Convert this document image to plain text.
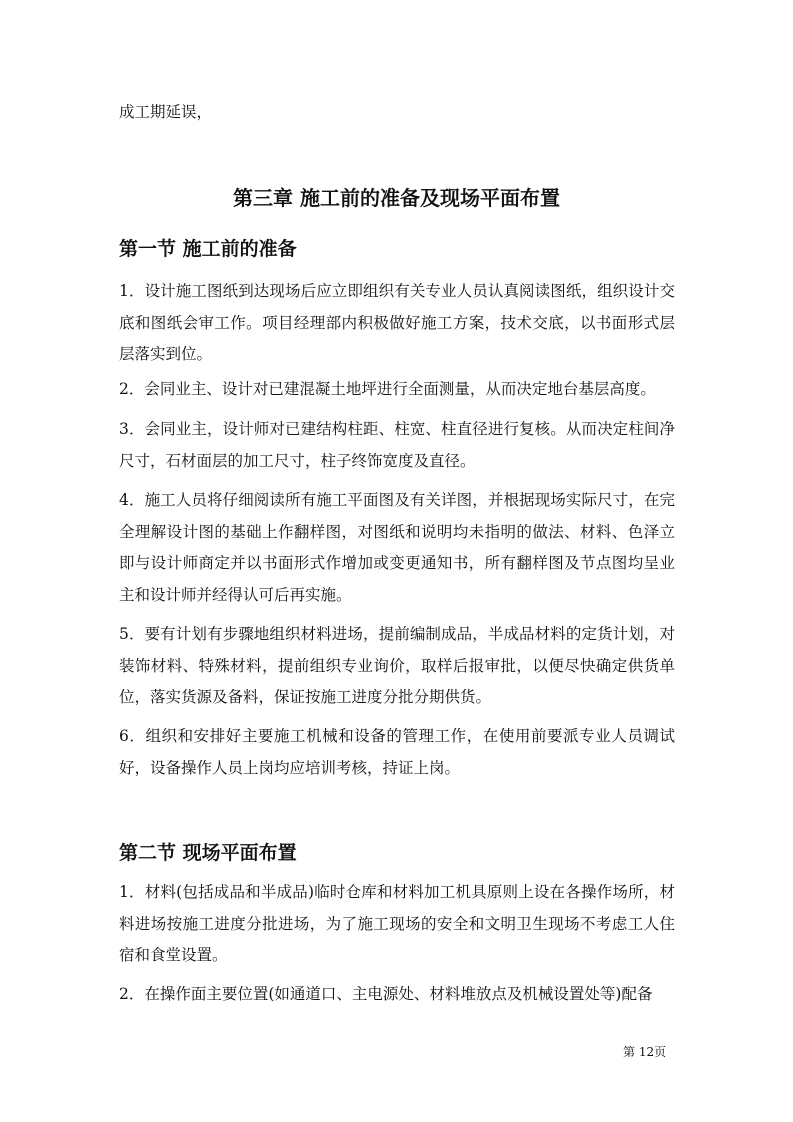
成工期延误，

第三章 施工前的准备及现场平面布置
第一节 施工前的准备

1．设计施工图纸到达现场后应立即组织有关专业人员认真阅读图纸，组织设计交底和图纸会审工作。项目经理部内积极做好施工方案，技术交底，以书面形式层层落实到位。

2．会同业主、设计对已建混凝土地坪进行全面测量，从而决定地台基层高度。

3．会同业主，设计师对已建结构柱距、柱宽、柱直径进行复核。从而决定柱间净尺寸，石材面层的加工尺寸，柱子终饰宽度及直径。

4．施工人员将仔细阅读所有施工平面图及有关详图，并根据现场实际尺寸，在完全理解设计图的基础上作翻样图，对图纸和说明均未指明的做法、材料、色泽立即与设计师商定并以书面形式作增加或变更通知书，所有翻样图及节点图均呈业主和设计师并经得认可后再实施。

5．要有计划有步骤地组织材料进场，提前编制成品，半成品材料的定货计划，对装饰材料、特殊材料，提前组织专业询价，取样后报审批，以便尽快确定供货单位，落实货源及备料，保证按施工进度分批分期供货。

6．组织和安排好主要施工机械和设备的管理工作，在使用前要派专业人员调试好，设备操作人员上岗均应培训考核，持证上岗。

第二节 现场平面布置

1．材料(包括成品和半成品)临时仓库和材料加工机具原则上设在各操作场所，材料进场按施工进度分批进场，为了施工现场的安全和文明卫生现场不考虑工人住宿和食堂设置。

2．在操作面主要位置(如通道口、主电源处、材料堆放点及机械设置处等)配备

第 12页
